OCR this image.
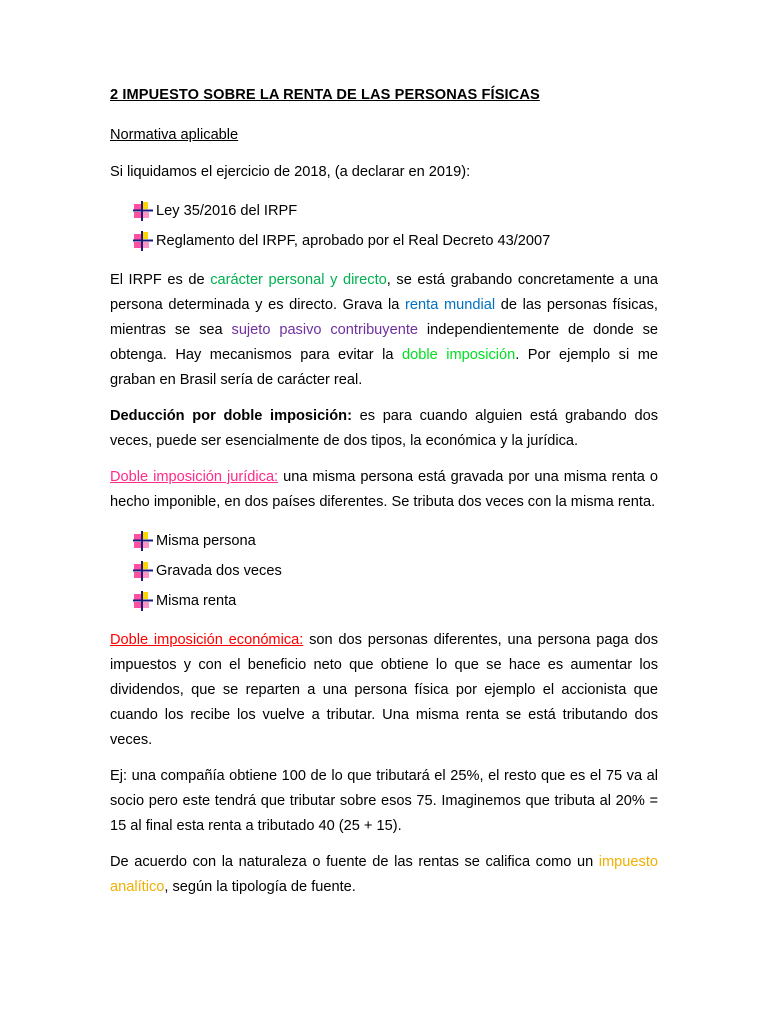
2 IMPUESTO SOBRE LA RENTA DE LAS PERSONAS FÍSICAS
Normativa aplicable

Si liquidamos el ejercicio de 2018, (a declarar en 2019):

Ley 35/2016 del IRPF
Reglamento del IRPF, aprobado por el Real Decreto 43/2007

El IRPF es de carácter personal y directo, se está grabando concretamente a una persona determinada y es directo. Grava la renta mundial de las personas físicas, mientras se sea sujeto pasivo contribuyente independientemente de donde se obtenga. Hay mecanismos para evitar la doble imposición. Por ejemplo si me graban en Brasil sería de carácter real.

Deducción por doble imposición: es para cuando alguien está grabando dos veces, puede ser esencialmente de dos tipos, la económica y la jurídica.

Doble imposición jurídica: una misma persona está gravada por una misma renta o hecho imponible, en dos países diferentes. Se tributa dos veces con la misma renta.

Misma persona
Gravada dos veces
Misma renta

Doble imposición económica: son dos personas diferentes, una persona paga dos impuestos y con el beneficio neto que obtiene lo que se hace es aumentar los dividendos, que se reparten a una persona física por ejemplo el accionista que cuando los recibe los vuelve a tributar. Una misma renta se está tributando dos veces.

Ej: una compañía obtiene 100 de lo que tributará el 25%, el resto que es el 75 va al socio pero este tendrá que tributar sobre esos 75. Imaginemos que tributa al 20% = 15 al final esta renta a tributado 40 (25 + 15).

De acuerdo con la naturaleza o fuente de las rentas se califica como un impuesto analítico, según la tipología de fuente.
